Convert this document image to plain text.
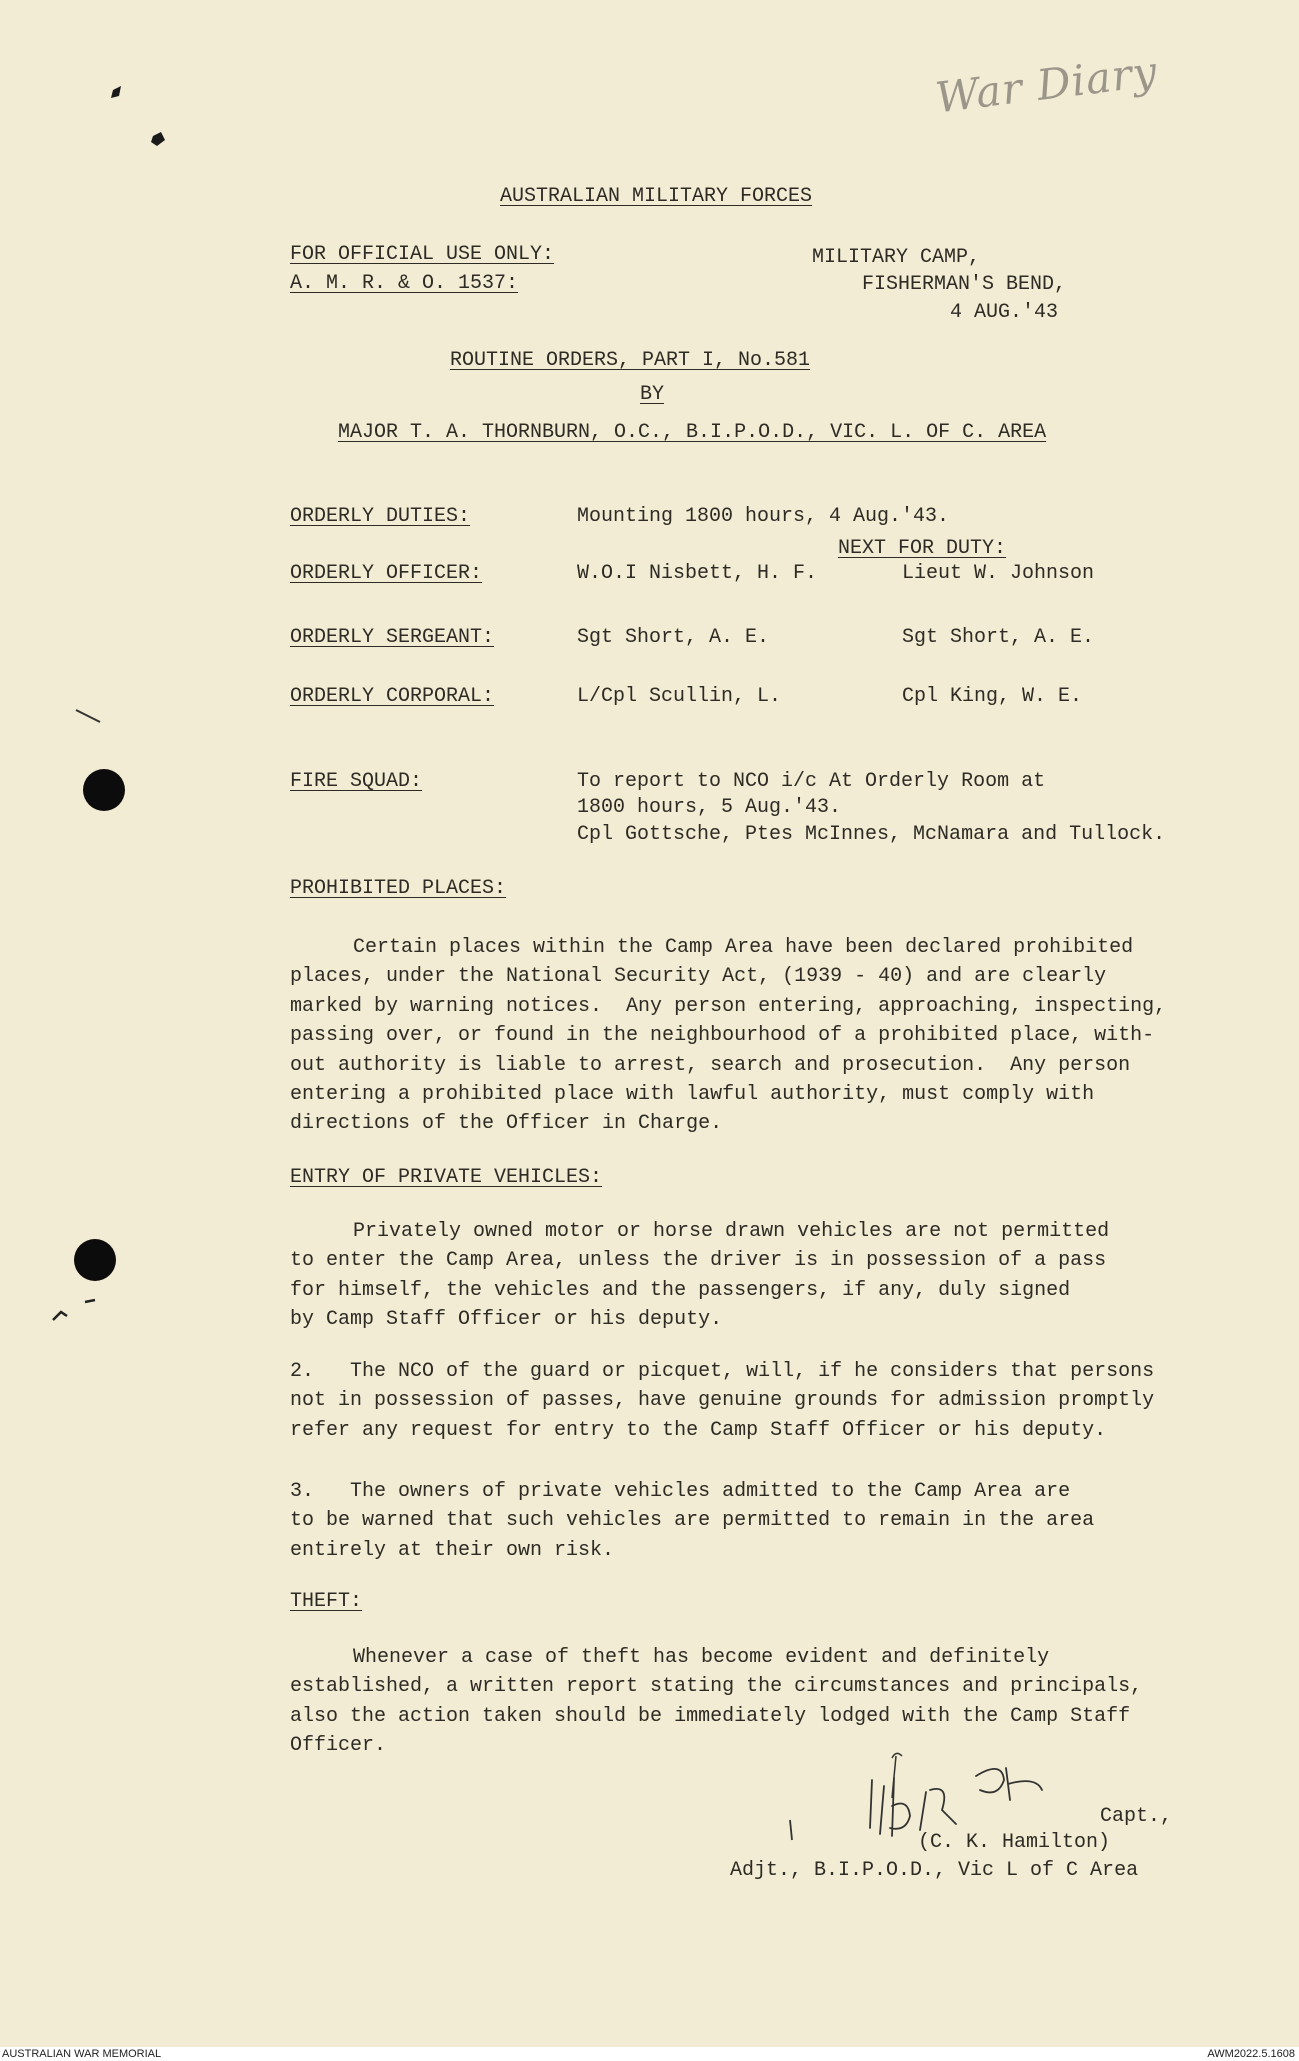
War Diary

AUSTRALIAN MILITARY FORCES

FOR OFFICIAL USE ONLY:

A. M. R. & O. 1537:

MILITARY CAMP,

FISHERMAN'S BEND,

4 AUG.'43

ROUTINE ORDERS, PART I, No.581

BY

MAJOR T. A. THORNBURN, O.C., B.I.P.O.D., VIC. L. OF C. AREA

ORDERLY DUTIES:	Mounting 1800 hours, 4 Aug.'43.

NEXT FOR DUTY:

ORDERLY OFFICER:	W.O.I Nisbett, H. F.	Lieut W. Johnson

ORDERLY SERGEANT:	Sgt Short, A. E.	Sgt Short, A. E.

ORDERLY CORPORAL:	L/Cpl Scullin, L.	Cpl King, W. E.

FIRE SQUAD:	To report to NCO i/c At Orderly Room at

1800 hours, 5 Aug.'43.

Cpl Gottsche, Ptes McInnes, McNamara and Tullock.

PROHIBITED PLACES:

Certain places within the Camp Area have been declared prohibited
places, under the National Security Act, (1939 - 40) and are clearly
marked by warning notices.  Any person entering, approaching, inspecting,
passing over, or found in the neighbourhood of a prohibited place, with-
out authority is liable to arrest, search and prosecution.  Any person
entering a prohibited place with lawful authority, must comply with
directions of the Officer in Charge.

ENTRY OF PRIVATE VEHICLES:

Privately owned motor or horse drawn vehicles are not permitted
to enter the Camp Area, unless the driver is in possession of a pass
for himself, the vehicles and the passengers, if any, duly signed
by Camp Staff Officer or his deputy.
2.   The NCO of the guard or picquet, will, if he considers that persons
not in possession of passes, have genuine grounds for admission promptly
refer any request for entry to the Camp Staff Officer or his deputy.
3.   The owners of private vehicles admitted to the Camp Area are
to be warned that such vehicles are permitted to remain in the area
entirely at their own risk.

THEFT:

Whenever a case of theft has become evident and definitely
established, a written report stating the circumstances and principals,
also the action taken should be immediately lodged with the Camp Staff
Officer.

Capt.,

(C. K. Hamilton)

Adjt., B.I.P.O.D., Vic L of C Area

AUSTRALIAN WAR MEMORIAL	AWM2022.5.1608
